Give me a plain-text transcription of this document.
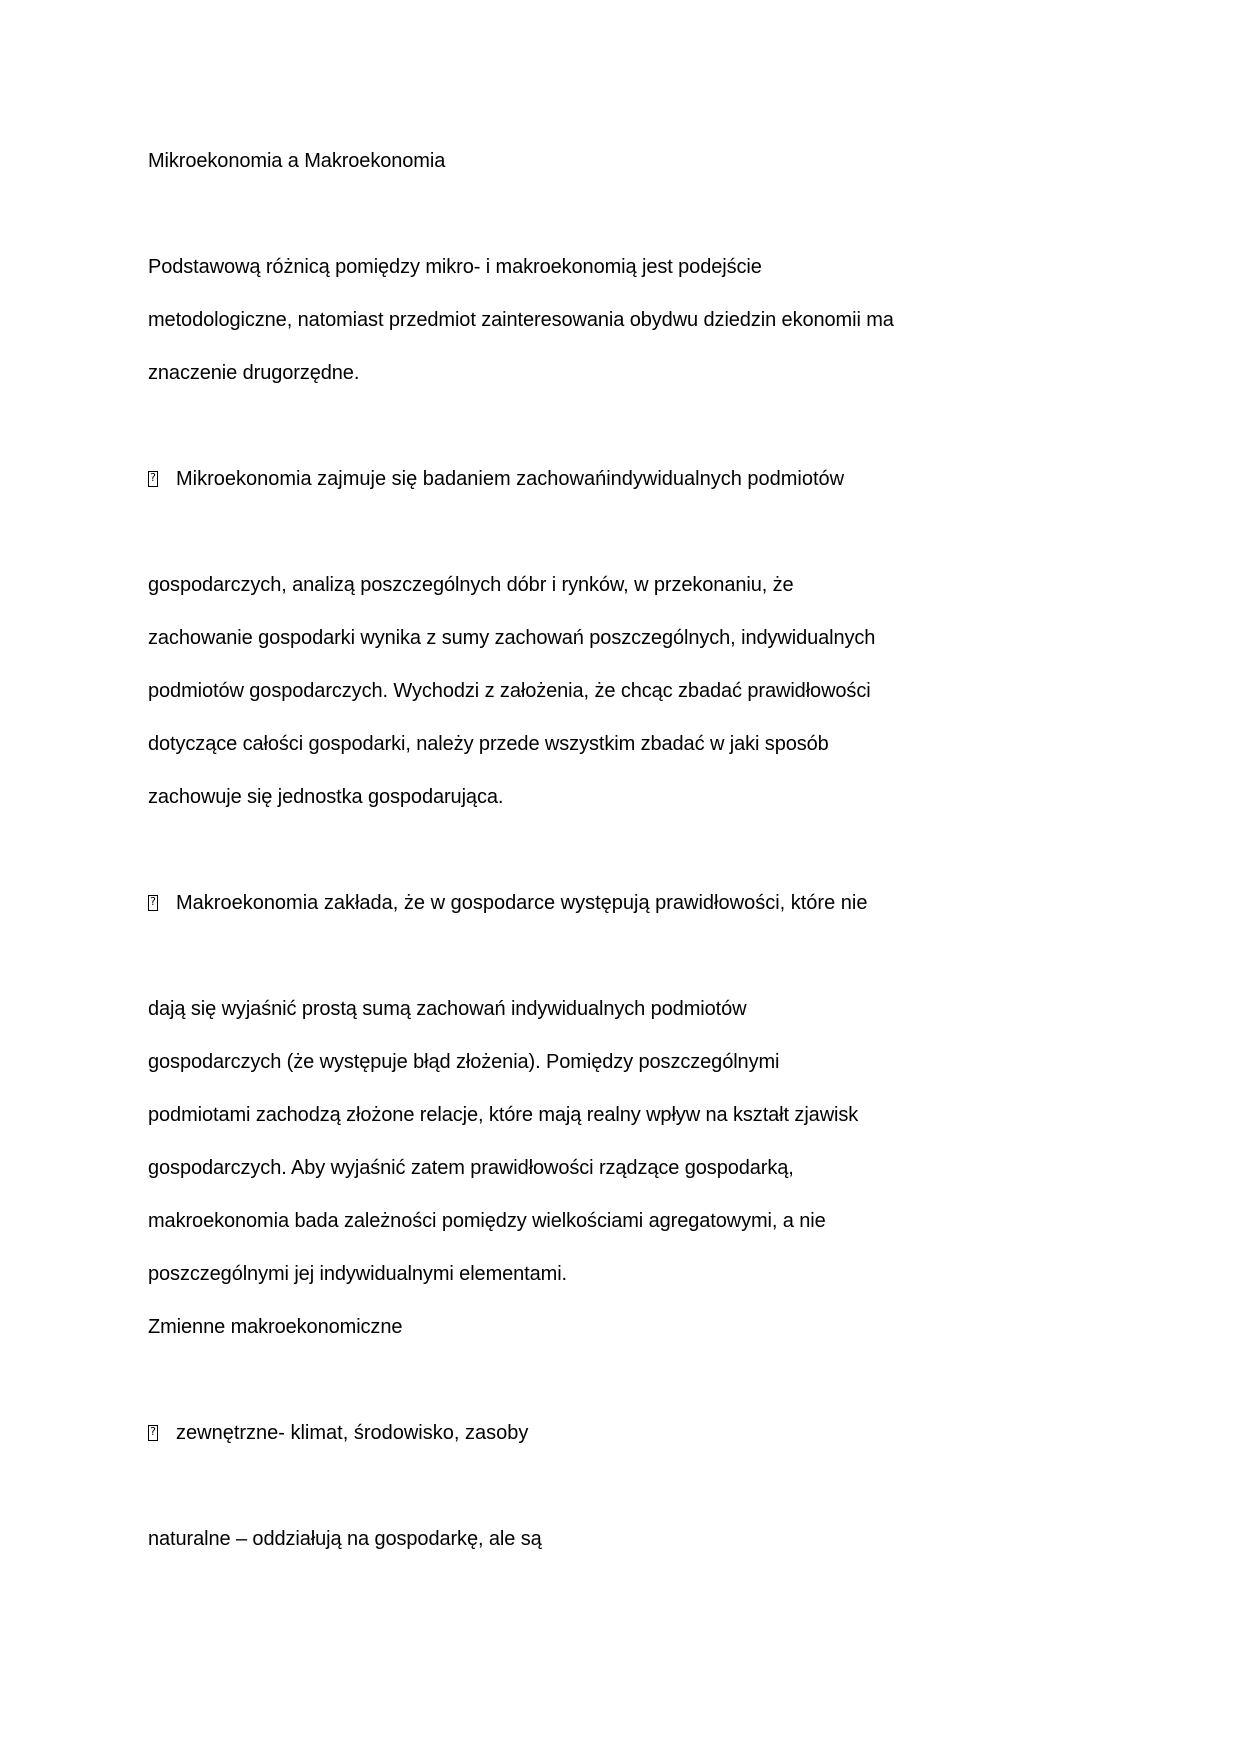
Mikroekonomia a Makroekonomia
Podstawową różnicą pomiędzy mikro- i makroekonomią jest podejście
metodologiczne, natomiast przedmiot zainteresowania obydwu dziedzin ekonomii ma
znaczenie drugorzędne.
?
Mikroekonomia zajmuje się badaniem zachowańindywidualnych podmiotów
gospodarczych, analizą poszczególnych dóbr i rynków, w przekonaniu, że
zachowanie gospodarki wynika z sumy zachowań poszczególnych, indywidualnych
podmiotów gospodarczych. Wychodzi z założenia, że chcąc zbadać prawidłowości
dotyczące całości gospodarki, należy przede wszystkim zbadać w jaki sposób
zachowuje się jednostka gospodarująca.
?
Makroekonomia zakłada, że w gospodarce występują prawidłowości, które nie
dają się wyjaśnić prostą sumą zachowań indywidualnych podmiotów
gospodarczych (że występuje błąd złożenia). Pomiędzy poszczególnymi
podmiotami zachodzą złożone relacje, które mają realny wpływ na kształt zjawisk
gospodarczych. Aby wyjaśnić zatem prawidłowości rządzące gospodarką,
makroekonomia bada zależności pomiędzy wielkościami agregatowymi, a nie
poszczególnymi jej indywidualnymi elementami.
Zmienne makroekonomiczne
?
zewnętrzne- klimat, środowisko, zasoby
naturalne – oddziałują na gospodarkę, ale są
